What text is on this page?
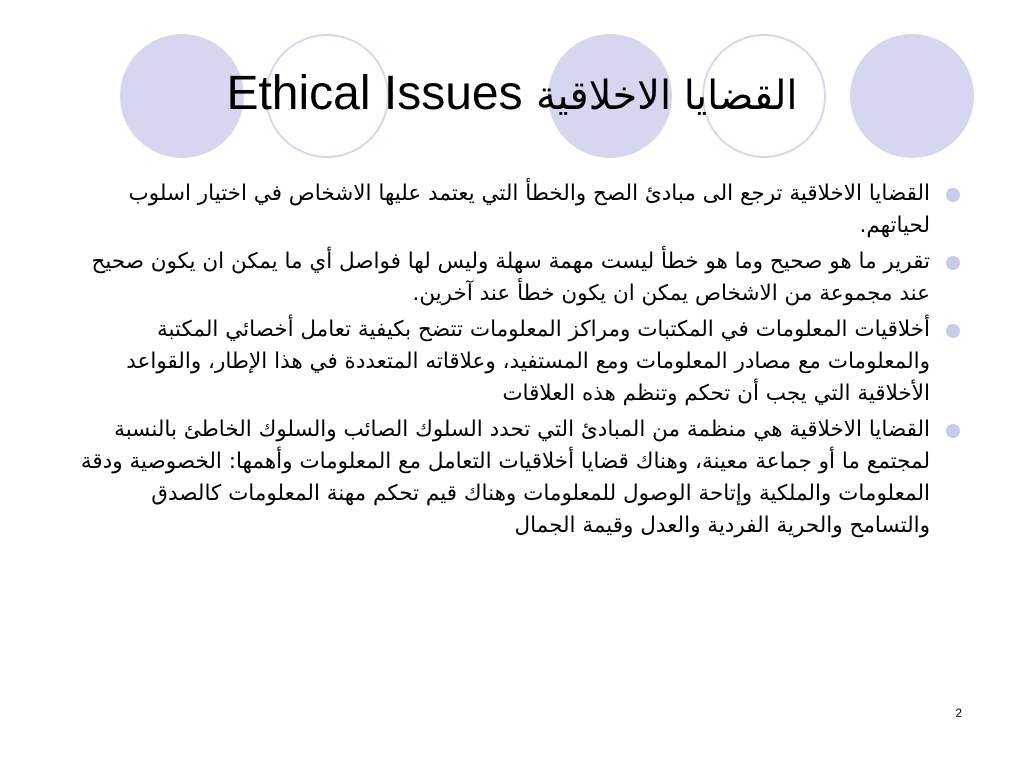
Ethical Issues القضايا الاخلاقية
القضايا الاخلاقية ترجع الى مبادئ الصح والخطأ التي يعتمد عليها الاشخاص في اختيار اسلوب لحياتهم.
تقرير ما هو صحيح وما هو خطأ ليست مهمة سهلة وليس لها فواصل أي ما يمكن ان يكون صحيح عند مجموعة من الاشخاص يمكن ان يكون خطأ عند آخرين.
أخلاقيات المعلومات في المكتبات ومراكز المعلومات تتضح بكيفية تعامل أخصائي المكتبة والمعلومات مع مصادر المعلومات ومع المستفيد، وعلاقاته المتعددة في هذا الإطار، والقواعد الأخلاقية التي يجب أن تحكم وتنظم هذه العلاقات
القضايا الاخلاقية هي منظمة من المبادئ التي تحدد السلوك الصائب والسلوك الخاطئ بالنسبة لمجتمع ما أو جماعة معينة، وهناك قضايا أخلاقيات التعامل مع المعلومات وأهمها: الخصوصية ودقة المعلومات والملكية وإتاحة الوصول للمعلومات وهناك قيم تحكم مهنة المعلومات كالصدق والتسامح والحرية الفردية والعدل وقيمة الجمال
2
